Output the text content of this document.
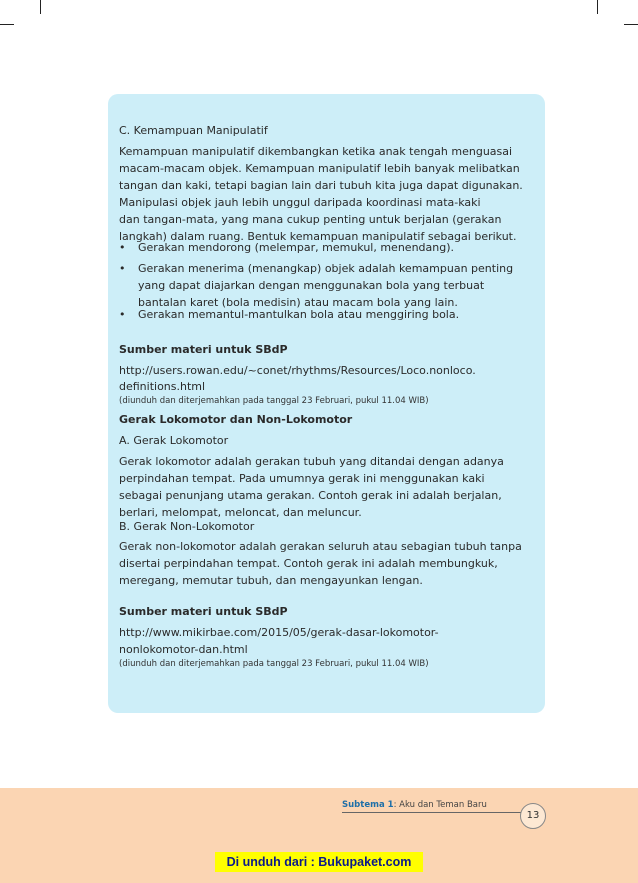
C. Kemampuan Manipulatif
Kemampuan manipulatif dikembangkan ketika anak tengah menguasai
macam-macam objek. Kemampuan manipulatif lebih banyak melibatkan
tangan dan kaki, tetapi bagian lain dari tubuh kita juga dapat digunakan.
Manipulasi objek jauh lebih unggul daripada koordinasi mata-kaki
dan tangan-mata, yang mana cukup penting untuk berjalan (gerakan
langkah) dalam ruang. Bentuk kemampuan manipulatif sebagai berikut.
• Gerakan mendorong (melempar, memukul, menendang).
• Gerakan menerima (menangkap) objek adalah kemampuan penting
yang dapat diajarkan dengan menggunakan bola yang terbuat
bantalan karet (bola medisin) atau macam bola yang lain.
• Gerakan memantul-mantulkan bola atau menggiring bola.
Sumber materi untuk SBdP
http://users.rowan.edu/~conet/rhythms/Resources/Loco.nonloco.
definitions.html
(diunduh dan diterjemahkan pada tanggal 23 Februari, pukul 11.04 WIB)
Gerak Lokomotor dan Non-Lokomotor
A. Gerak Lokomotor
Gerak lokomotor adalah gerakan tubuh yang ditandai dengan adanya
perpindahan tempat. Pada umumnya gerak ini menggunakan kaki
sebagai penunjang utama gerakan. Contoh gerak ini adalah berjalan,
berlari, melompat, meloncat, dan meluncur.
B. Gerak Non-Lokomotor
Gerak non-lokomotor adalah gerakan seluruh atau sebagian tubuh tanpa
disertai perpindahan tempat. Contoh gerak ini adalah membungkuk,
meregang, memutar tubuh, dan mengayunkan lengan.
Sumber materi untuk SBdP
http://www.mikirbae.com/2015/05/gerak-dasar-lokomotor-
nonlokomotor-dan.html
(diunduh dan diterjemahkan pada tanggal 23 Februari, pukul 11.04 WIB)
Subtema 1: Aku dan Teman Baru
13
Di unduh dari : Bukupaket.com
